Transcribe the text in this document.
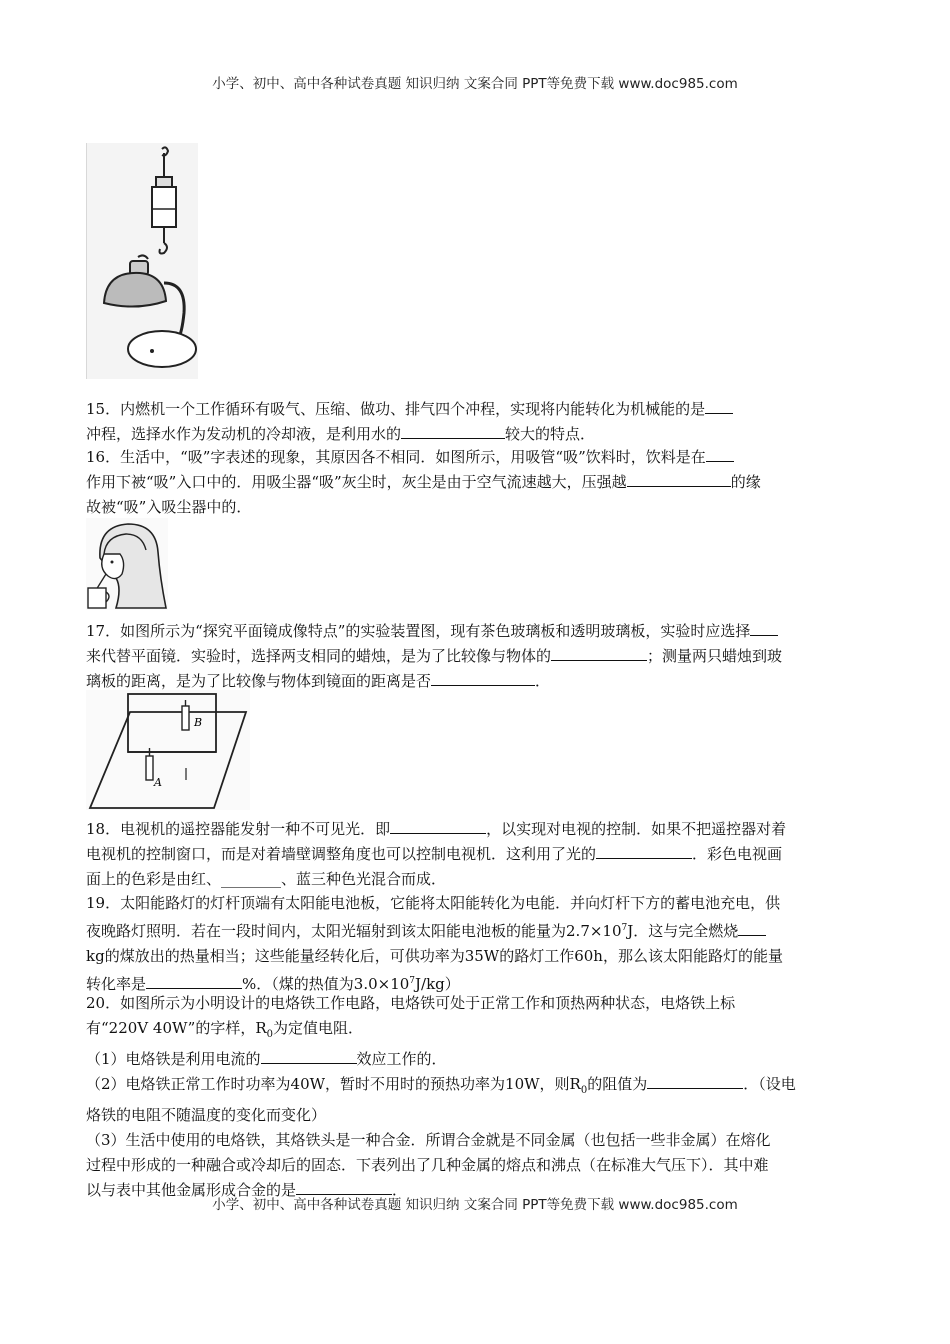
小学、初中、高中各种试卷真题 知识归纳 文案合同 PPT等免费下载 www.doc985.com

15．内燃机一个工作循环有吸气、压缩、做功、排气四个冲程，实现将内能转化为机械能的是

冲程，选择水作为发动机的冷却液，是利用水的	较大的特点．

16．生活中，“吸”字表述的现象，其原因各不相同．如图所示，用吸管“吸”饮料时，饮料是在

作用下被“吸”入口中的．用吸尘器“吸”灰尘时，灰尘是由于空气流速越大，压强越	的缘

故被“吸”入吸尘器中的．

17．如图所示为“探究平面镜成像特点”的实验装置图，现有茶色玻璃板和透明玻璃板，实验时应选择

来代替平面镜．实验时，选择两支相同的蜡烛，是为了比较像与物体的	；测量两只蜡烛到玻

璃板的距离，是为了比较像与物体到镜面的距离是否	．

B
A

18．电视机的遥控器能发射一种不可见光．即	，以实现对电视的控制．如果不把遥控器对着

电视机的控制窗口，而是对着墙壁调整角度也可以控制电视机．这利用了光的	．彩色电视画

面上的色彩是由红、________、蓝三种色光混合而成．

19．太阳能路灯的灯杆顶端有太阳能电池板，它能将太阳能转化为电能．并向灯杆下方的蓄电池充电，供

夜晚路灯照明．若在一段时间内，太阳光辐射到该太阳能电池板的能量为$2.7\times 10^7J$．这与完全燃烧

kg的煤放出的热量相当；这些能量经转化后，可供功率为35W的路灯工作60h，那么该太阳能路灯的能量

转化率是	%．（煤的热值为$3.0\times 10^7J/kg$）

20．如图所示为小明设计的电烙铁工作电路，电烙铁可处于正常工作和顶热两种状态，电烙铁上标

有“220V 40W”的字样，$R_0$为定值电阻．

（1）电烙铁是利用电流的	效应工作的．

（2）电烙铁正常工作时功率为40W，暂时不用时的预热功率为10W，则$R_0$的阻值为	．（设电

烙铁的电阻不随温度的变化而变化）

（3）生活中使用的电烙铁，其烙铁头是一种合金．所谓合金就是不同金属（也包括一些非金属）在熔化

过程中形成的一种融合或冷却后的固态．下表列出了几种金属的熔点和沸点（在标准大气压下）．其中难

以与表中其他金属形成合金的是	．

小学、初中、高中各种试卷真题 知识归纳 文案合同 PPT等免费下载 www.doc985.com
